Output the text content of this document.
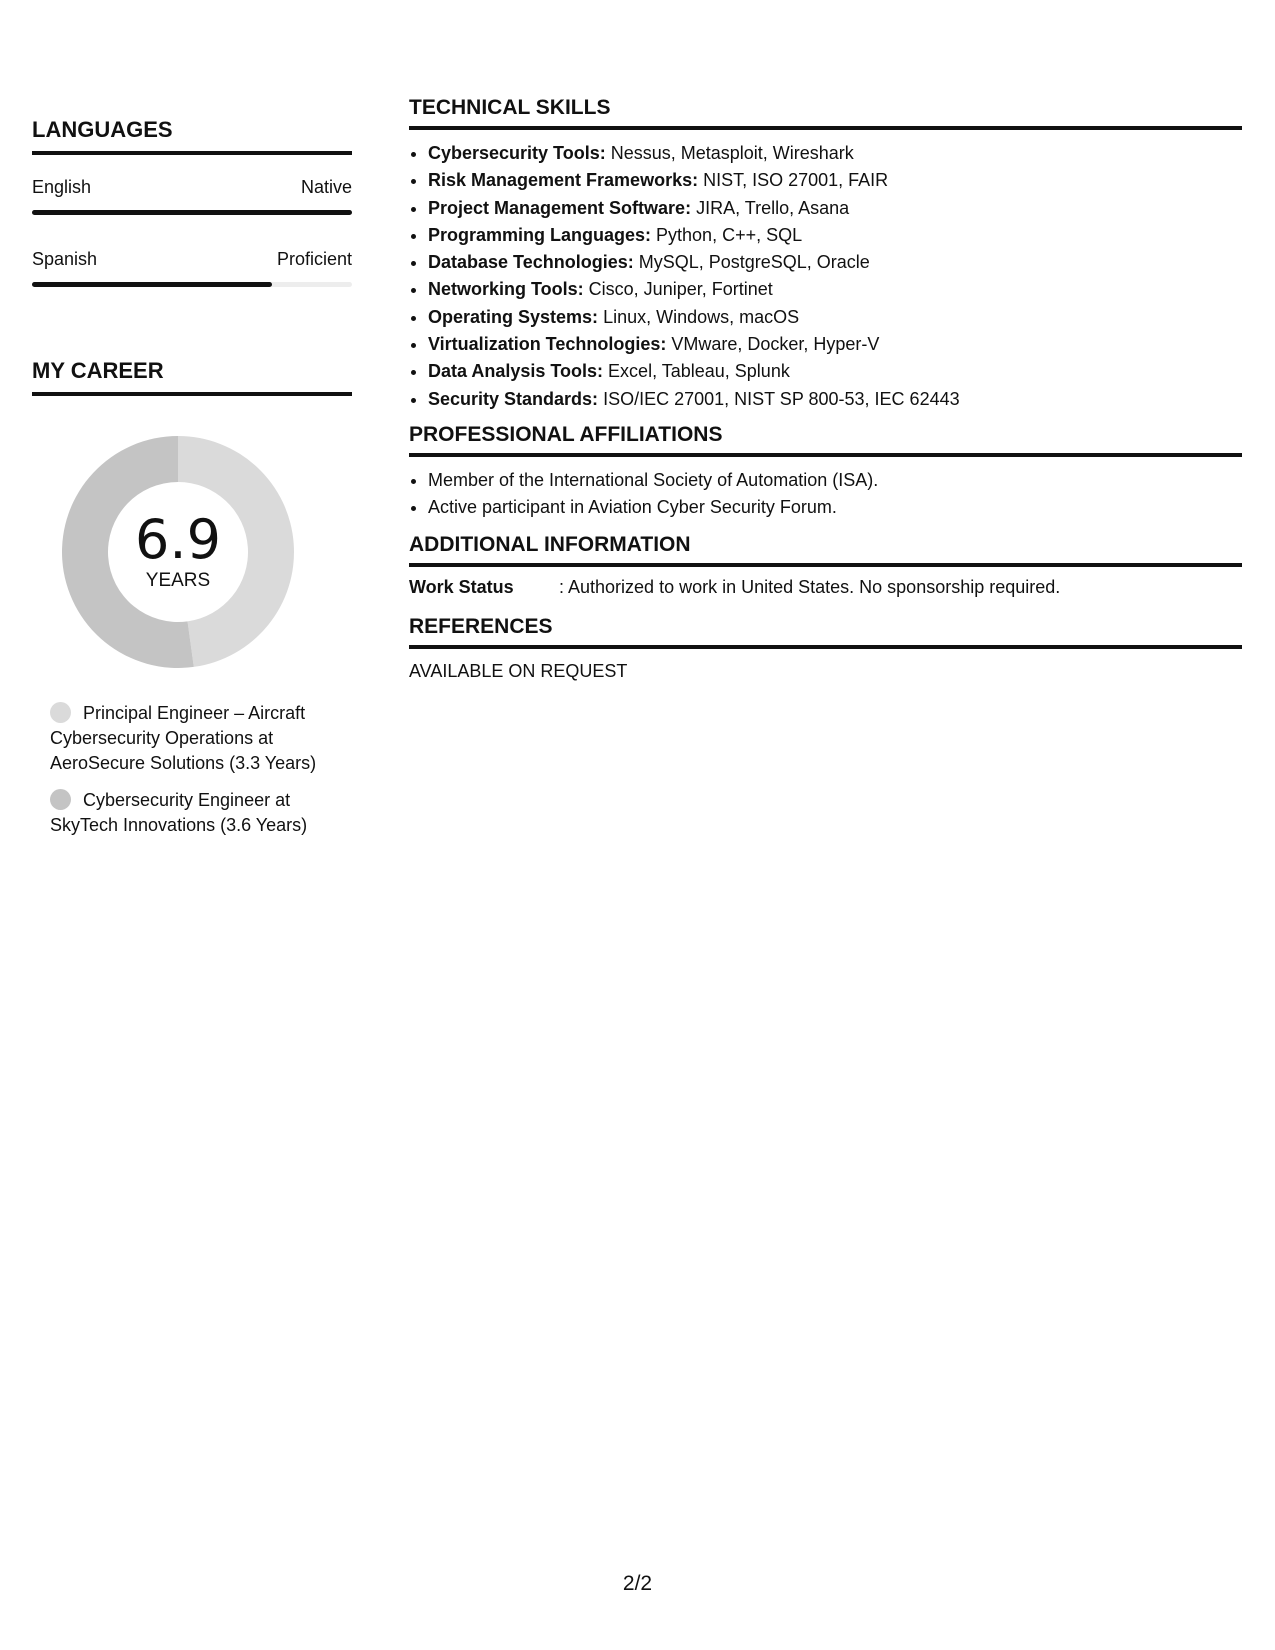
LANGUAGES
English	Native
Spanish	Proficient
MY CAREER
6.9
YEARS
Principal Engineer – Aircraft Cybersecurity Operations at AeroSecure Solutions (3.3 Years)
Cybersecurity Engineer at SkyTech Innovations (3.6 Years)
TECHNICAL SKILLS
• Cybersecurity Tools: Nessus, Metasploit, Wireshark
• Risk Management Frameworks: NIST, ISO 27001, FAIR
• Project Management Software: JIRA, Trello, Asana
• Programming Languages: Python, C++, SQL
• Database Technologies: MySQL, PostgreSQL, Oracle
• Networking Tools: Cisco, Juniper, Fortinet
• Operating Systems: Linux, Windows, macOS
• Virtualization Technologies: VMware, Docker, Hyper-V
• Data Analysis Tools: Excel, Tableau, Splunk
• Security Standards: ISO/IEC 27001, NIST SP 800-53, IEC 62443
PROFESSIONAL AFFILIATIONS
• Member of the International Society of Automation (ISA).
• Active participant in Aviation Cyber Security Forum.
ADDITIONAL INFORMATION
Work Status	: Authorized to work in United States. No sponsorship required.
REFERENCES
AVAILABLE ON REQUEST
2/2
